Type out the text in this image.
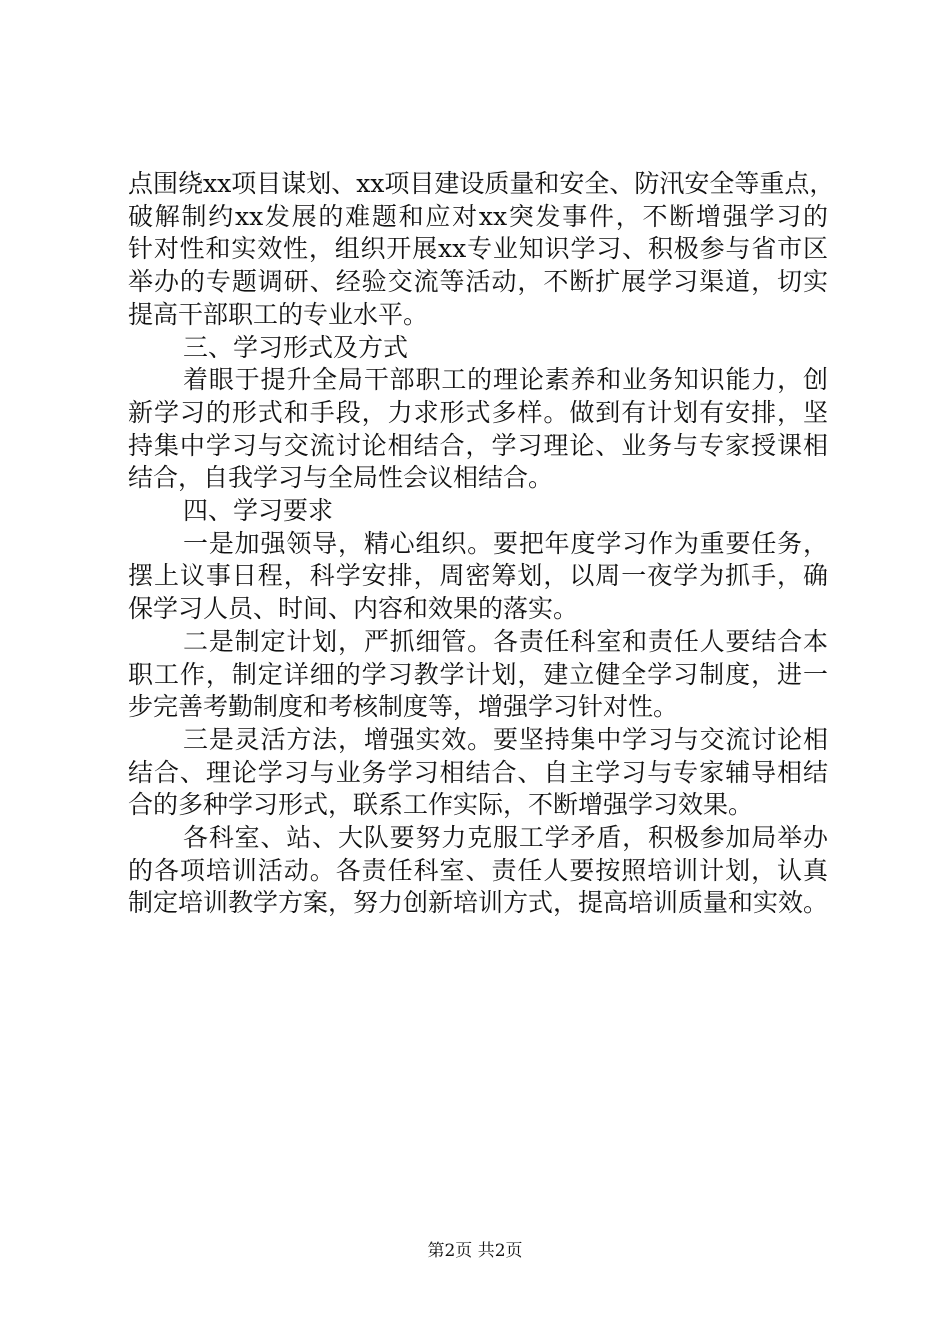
点围绕xx项目谋划、xx项目建设质量和安全、防汛安全等重点，
破解制约xx发展的难题和应对xx突发事件，不断增强学习的
针对性和实效性，组织开展xx专业知识学习、积极参与省市区
举办的专题调研、经验交流等活动，不断扩展学习渠道，切实
提高干部职工的专业水平。
三、学习形式及方式
着眼于提升全局干部职工的理论素养和业务知识能力，创
新学习的形式和手段，力求形式多样。做到有计划有安排，坚
持集中学习与交流讨论相结合，学习理论、业务与专家授课相
结合，自我学习与全局性会议相结合。
四、学习要求
一是加强领导，精心组织。要把年度学习作为重要任务，
摆上议事日程，科学安排，周密筹划，以周一夜学为抓手，确
保学习人员、时间、内容和效果的落实。
二是制定计划，严抓细管。各责任科室和责任人要结合本
职工作，制定详细的学习教学计划，建立健全学习制度，进一
步完善考勤制度和考核制度等，增强学习针对性。
三是灵活方法，增强实效。要坚持集中学习与交流讨论相
结合、理论学习与业务学习相结合、自主学习与专家辅导相结
合的多种学习形式，联系工作实际，不断增强学习效果。
各科室、站、大队要努力克服工学矛盾，积极参加局举办
的各项培训活动。各责任科室、责任人要按照培训计划，认真
制定培训教学方案，努力创新培训方式，提高培训质量和实效。
第2页 共2页
